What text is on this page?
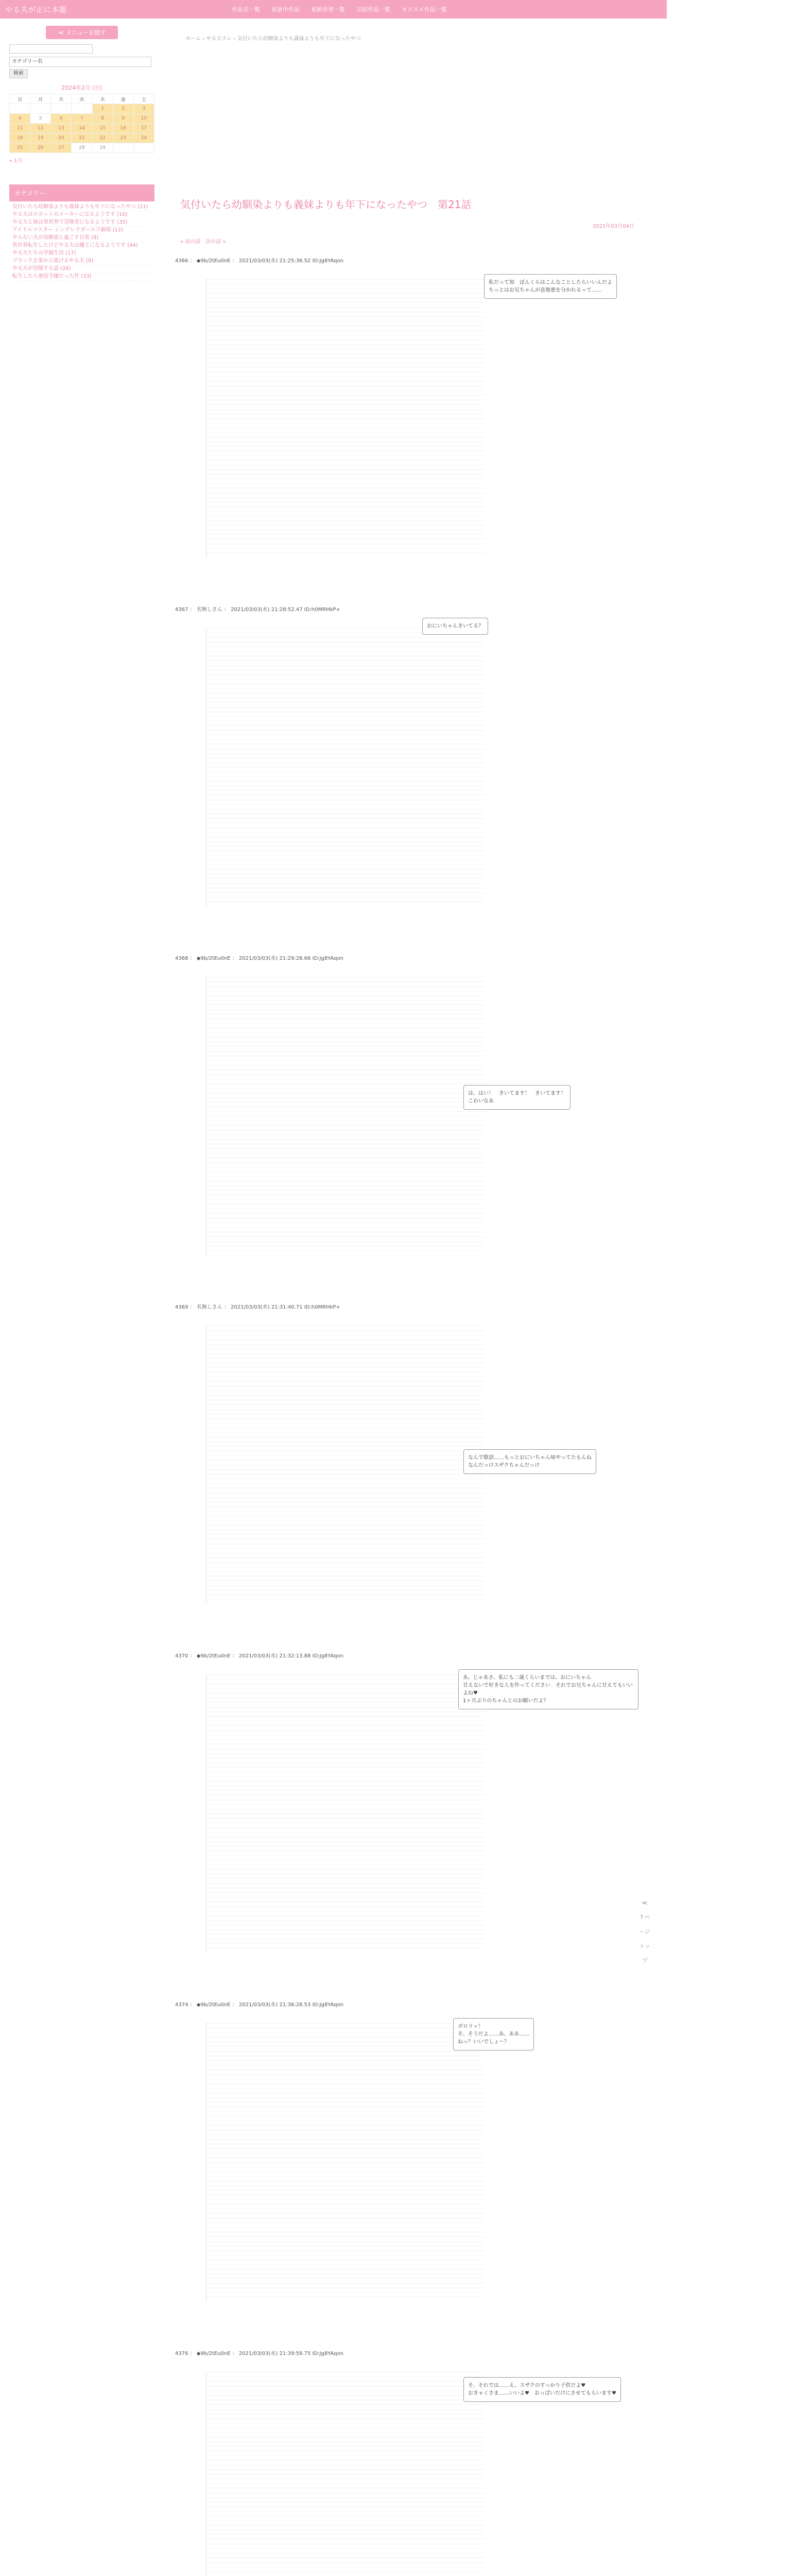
やる夫が正に本題	作品名一覧 更新中作品 更新作者一覧 完結作品一覧 オススメ作品一覧
≪ メニューを隠す
カテゴリー名
検索
2024年2月 (日)
日	月	火	水	木	金	土
				1	2	3
4	5	6	7	8	9	10
11	12	13	14	15	16	17
18	19	20	21	22	23	24
25	26	27	28	29		
« 1月
カテゴリー
気付いたら幼馴染よりも義妹よりも年下になったやつ (21)
やる夫はロボットのメーカーになるようです (10)
やる夫と妹は異世界で冒険者になるようです (35)
アイドルマスター シンデレラガールズ劇場 (12)
やらない夫が幼馴染と過ごす日常 (8)
異世界転生したけどやる夫は魔王になるようです (44)
やる夫たちの学園生活 (17)
ブラック企業から逃げるやる夫 (9)
やる夫が冒険する話 (26)
転生したら悪役令嬢だった件 (33)
ホーム › やる夫スレ › 気付いたら幼馴染よりも義妹よりも年下になったやつ
気付いたら幼馴染よりも義妹よりも年下になったやつ　第21話
2021年03月04日
« 前の話　次の話 »
4366 ： ◆9b/2tEu0nE ： 2021/03/03(水) 21:25:36.52 ID:Jg8YAqon
私だって知　ぼんくらはこんなことしたらいいんだよ
ちっとはお兄ちゃんが意地悪を分かれるって……
4367 ： 名無しさん ： 2021/03/03(水) 21:28:52.47 ID:h0MRHkP+
おにいちゃんきいてる？
4368 ： ◆9b/2tEu0nE ： 2021/03/03(水) 21:29:28.66 ID:Jg8YAqon
は、はい！　きいてます！　きいてます！
こわいなあ
4369 ： 名無しさん ： 2021/03/03(水) 21:31:40.71 ID:h0MRHkP+
なんで敬語……もっとおにいちゃん味やってたもんね
なんだっけスザクちゃんだっけ
4370 ： ◆9b/2tEu0nE ： 2021/03/03(水) 21:32:13.88 ID:Jg8YAqon
あ、じゃあさ、私にも二歳くらいまでは、おにいちゃん
甘えないで好きな人を作ってください　それでお兄ちゃんに甘えてもいいよね♥
1ヶ月ぶりのちゃんとのお願いだよ？
4374 ： ◆9b/2tEu0nE ： 2021/03/03(水) 21:36:28.53 ID:Jg8YAqon
ポロリッ！
そ、そうだよ……あ、ああ……
ねっ？いいでしょ～？
4376 ： ◆9b/2tEu0nE ： 2021/03/03(水) 21:39:59.75 ID:Jg8YAqon
そ、それでは……え、スザクのすっかり子供だよ♥
おきゃくさま……いいよ♥　おっぱいだけにさせてもらいます♥
≪
↑ページトップ
